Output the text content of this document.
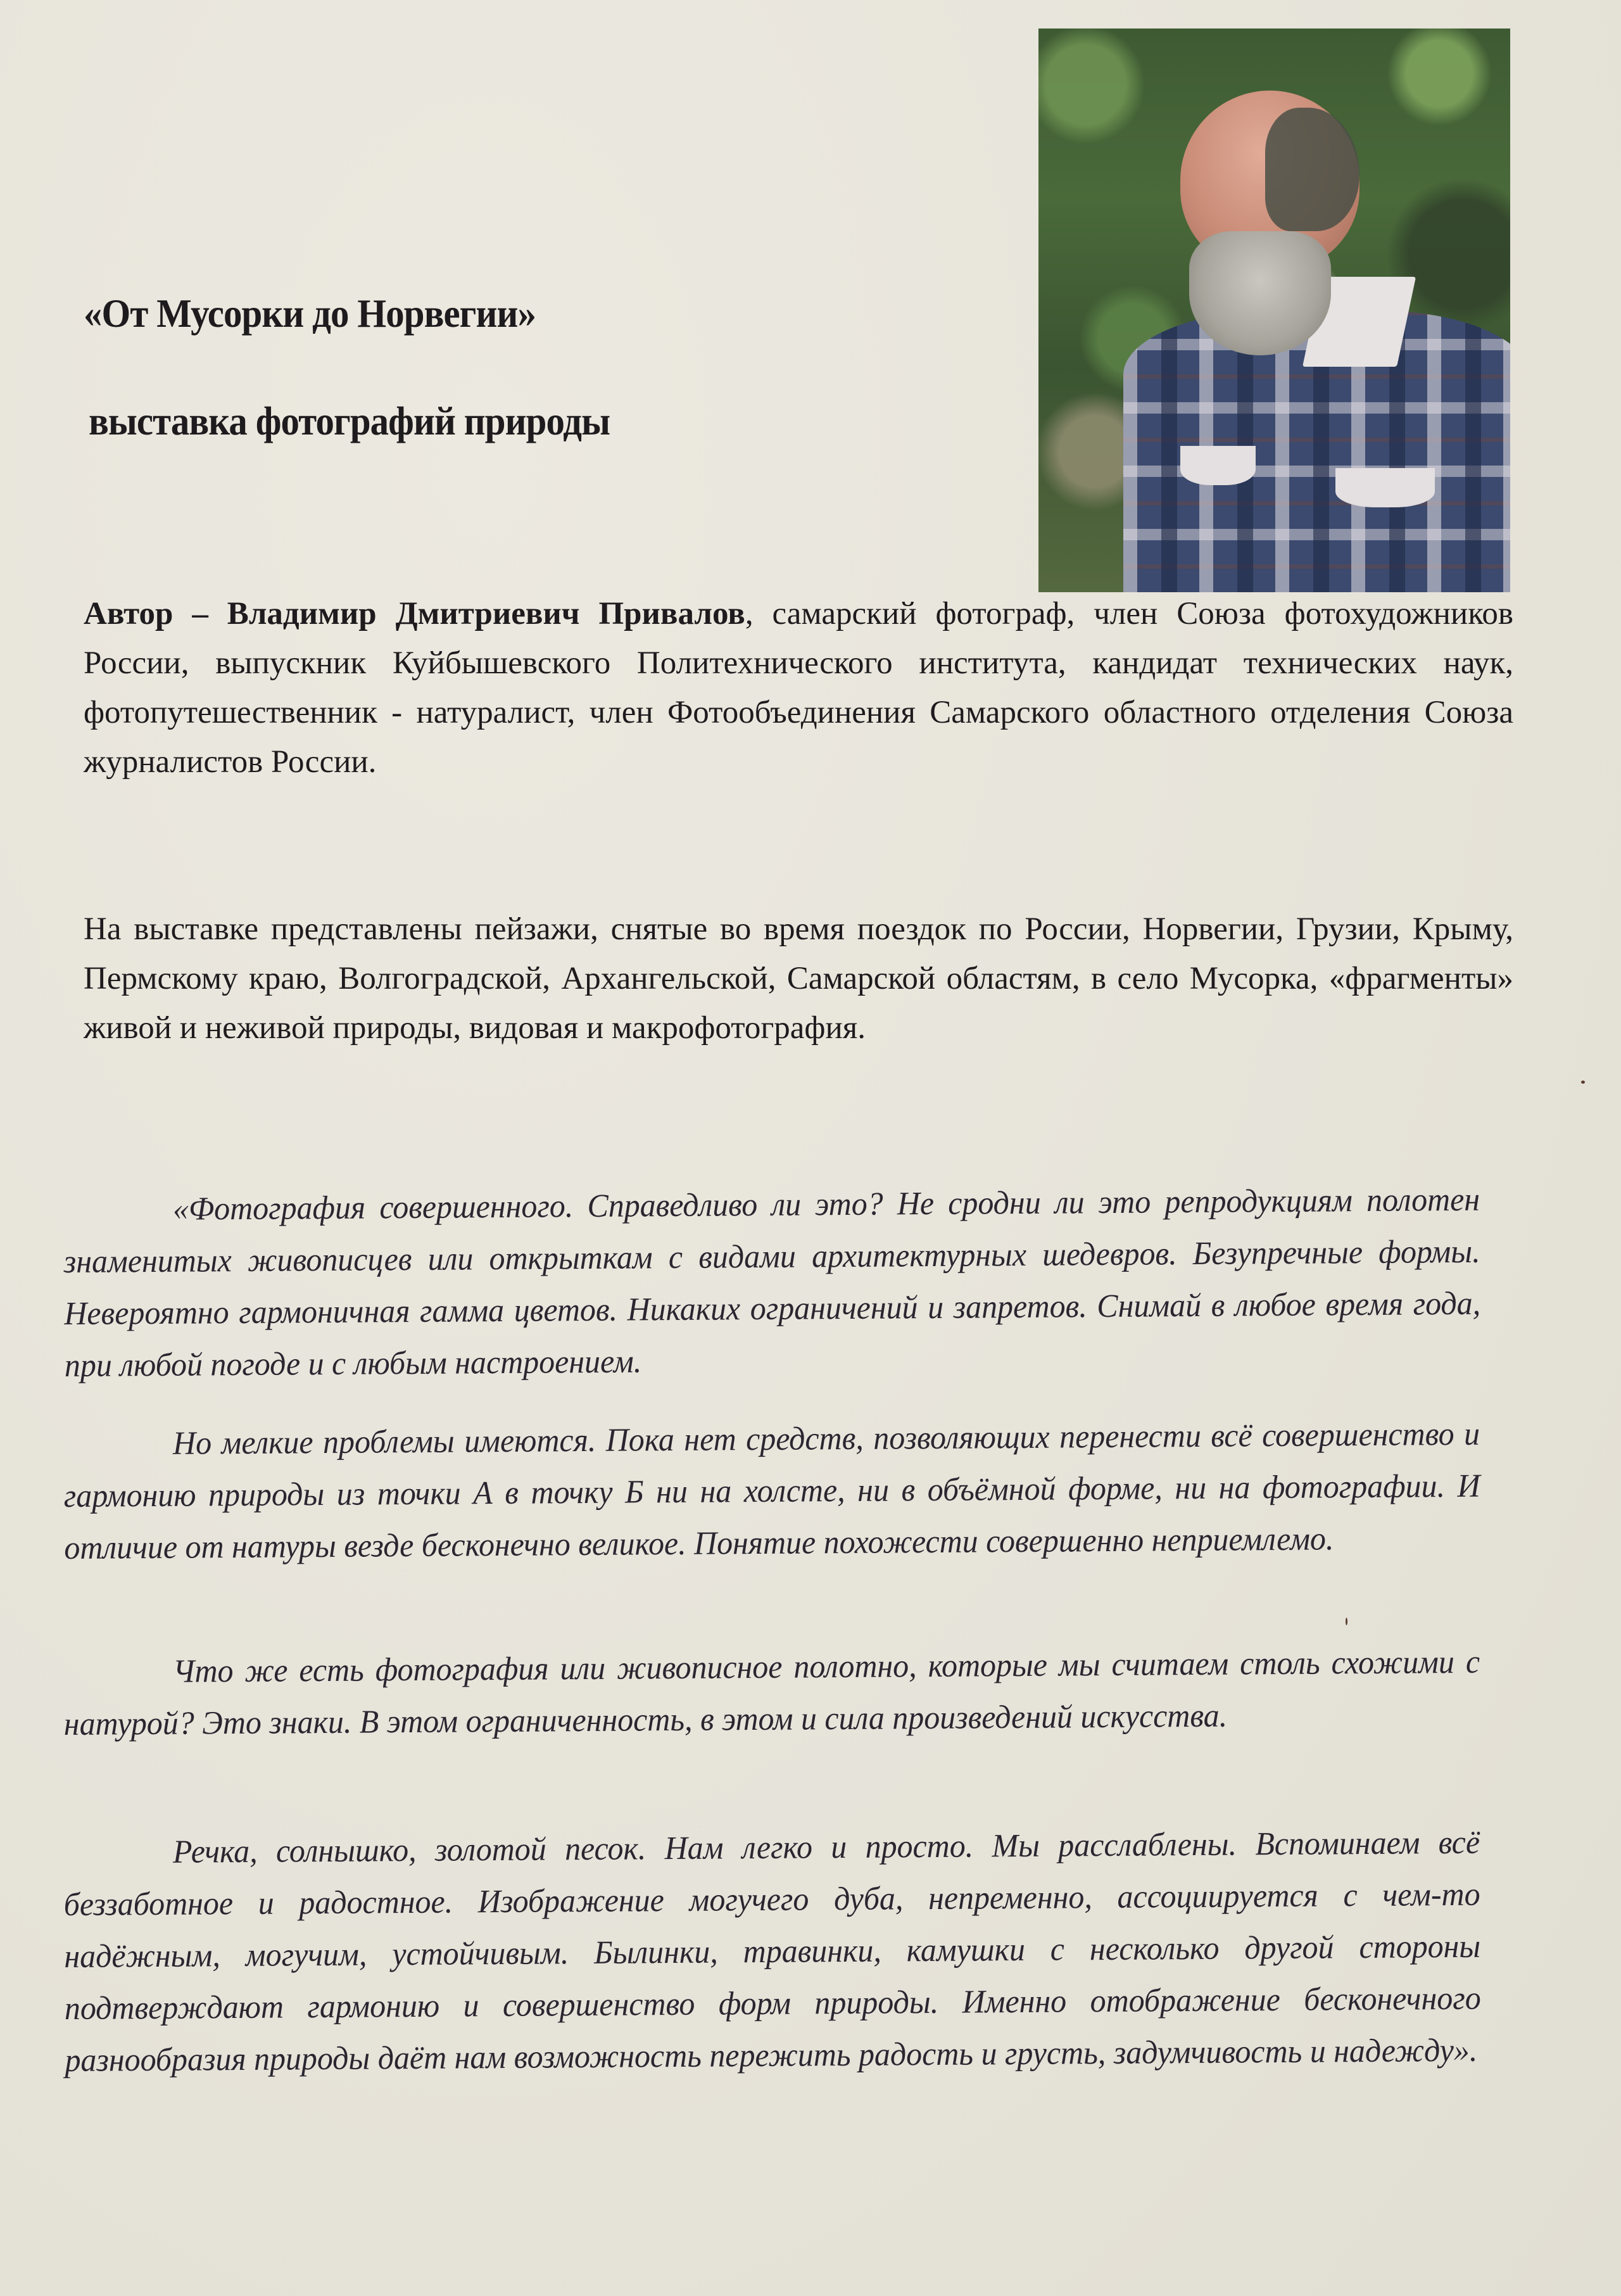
«От Мусорки до Норвегии»
выставка фотографий природы

Автор – Владимир Дмитриевич Привалов, самарский фотограф, член Союза фотохудожников России, выпускник Куйбышевского Политехнического института, кандидат технических наук, фотопутешественник - натуралист, член Фотообъединения Самарского областного отделения Союза журналистов России.

На выставке представлены пейзажи, снятые во время поездок по России, Норвегии, Грузии, Крыму, Пермскому краю, Волгоградской, Архангельской, Самарской областям, в село Мусорка, «фрагменты» живой и неживой природы, видовая и макрофотография.

«Фотография совершенного. Справедливо ли это? Не сродни ли это репродукциям полотен знаменитых живописцев или открыткам с видами архитектурных шедевров. Безупречные формы. Невероятно гармоничная гамма цветов. Никаких ограничений и запретов. Снимай в любое время года, при любой погоде и с любым настроением.

Но мелкие проблемы имеются. Пока нет средств, позволяющих перенести всё совершенство и гармонию природы из точки А в точку Б ни на холсте, ни в объёмной форме, ни на фотографии. И отличие от натуры везде бесконечно великое. Понятие похожести совершенно неприемлемо.

Что же есть фотография или живописное полотно, которые мы считаем столь схожими с натурой? Это знаки. В этом ограниченность, в этом и сила произведений искусства.

Речка, солнышко, золотой песок. Нам легко и просто. Мы расслаблены. Вспоминаем всё беззаботное и радостное. Изображение могучего дуба, непременно, ассоциируется с чем-то надёжным, могучим, устойчивым. Былинки, травинки, камушки с несколько другой стороны подтверждают гармонию и совершенство форм природы. Именно отображение бесконечного разнообразия природы даёт нам возможность пережить радость и грусть, задумчивость и надежду».
